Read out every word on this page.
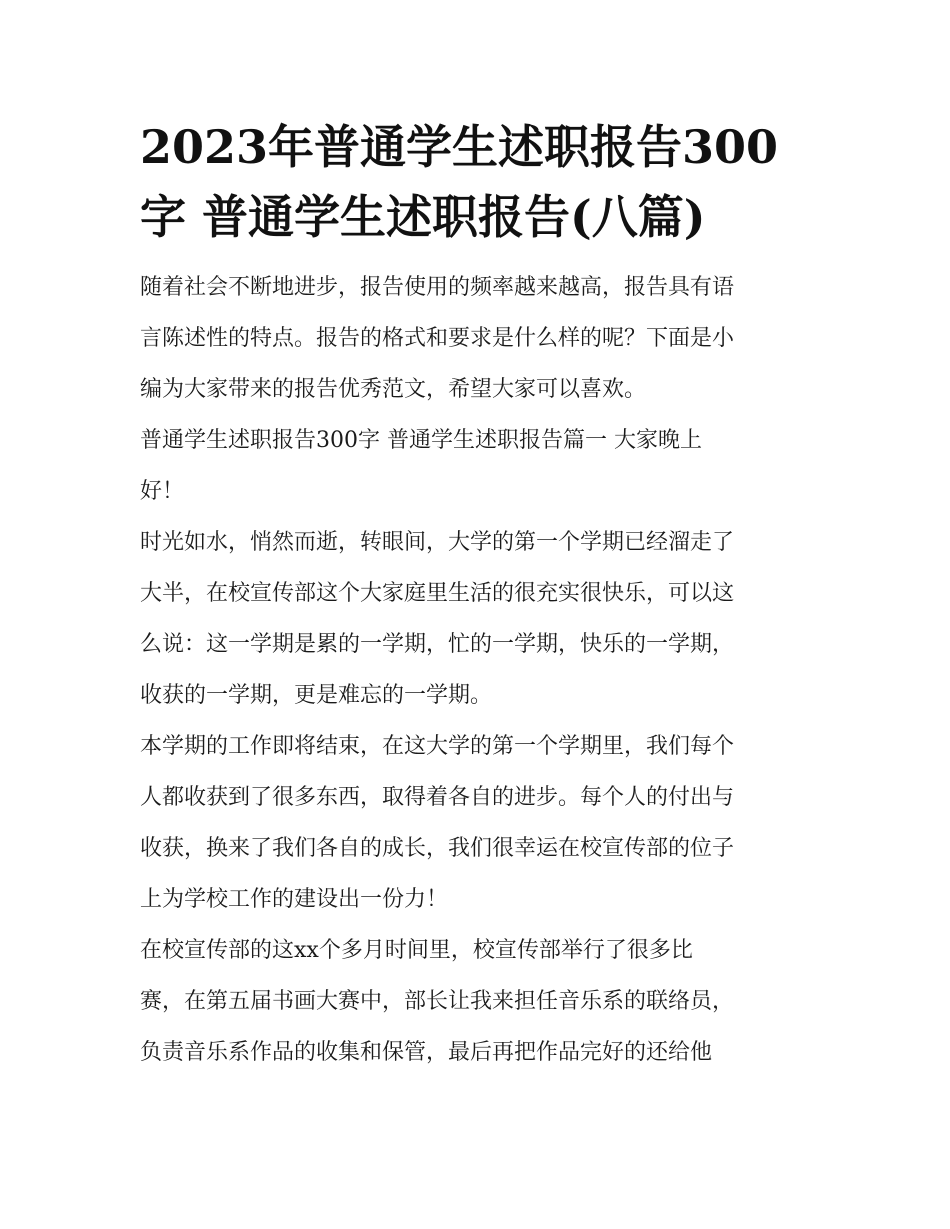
2023年普通学生述职报告300
字 普通学生述职报告(八篇)

随着社会不断地进步，报告使用的频率越来越高，报告具有语
言陈述性的特点。报告的格式和要求是什么样的呢？下面是小
编为大家带来的报告优秀范文，希望大家可以喜欢。

普通学生述职报告300字 普通学生述职报告篇一 大家晚上
好！

时光如水，悄然而逝，转眼间，大学的第一个学期已经溜走了
大半，在校宣传部这个大家庭里生活的很充实很快乐，可以这
么说：这一学期是累的一学期，忙的一学期，快乐的一学期，
收获的一学期，更是难忘的一学期。

本学期的工作即将结束，在这大学的第一个学期里，我们每个
人都收获到了很多东西，取得着各自的进步。每个人的付出与
收获，换来了我们各自的成长，我们很幸运在校宣传部的位子
上为学校工作的建设出一份力！

在校宣传部的这xx个多月时间里，校宣传部举行了很多比
赛，在第五届书画大赛中，部长让我来担任音乐系的联络员，
负责音乐系作品的收集和保管，最后再把作品完好的还给他
